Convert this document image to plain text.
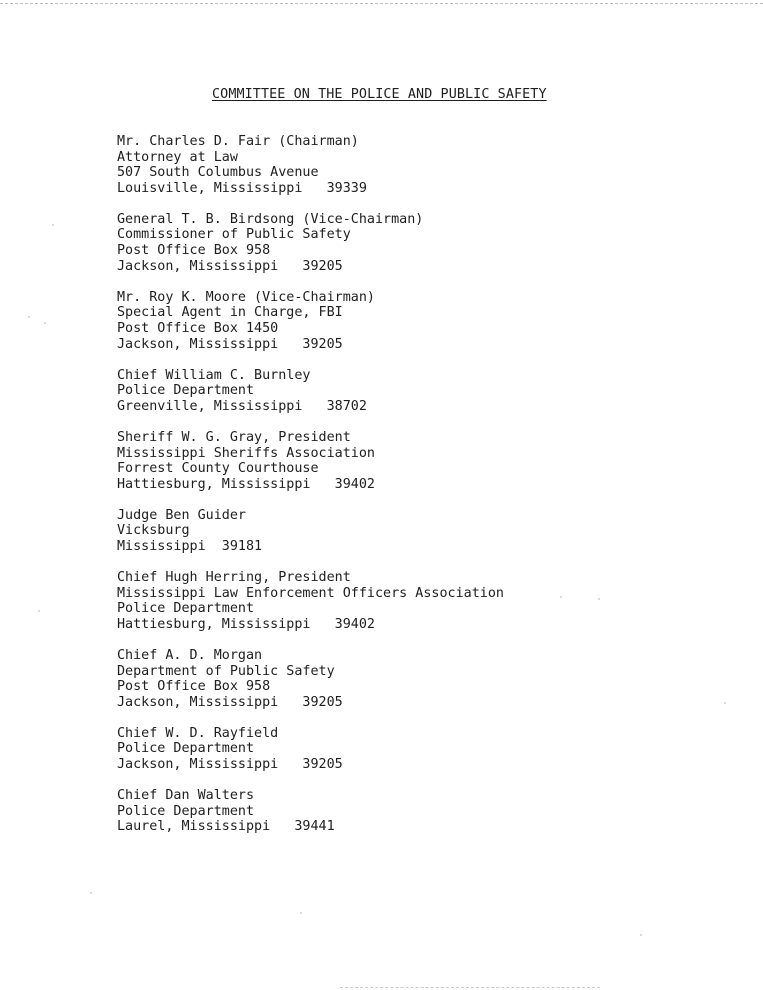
COMMITTEE ON THE POLICE AND PUBLIC SAFETY
Mr. Charles D. Fair (Chairman)
Attorney at Law
507 South Columbus Avenue
Louisville, Mississippi   39339
General T. B. Birdsong (Vice-Chairman)
Commissioner of Public Safety
Post Office Box 958
Jackson, Mississippi   39205
Mr. Roy K. Moore (Vice-Chairman)
Special Agent in Charge, FBI
Post Office Box 1450
Jackson, Mississippi   39205
Chief William C. Burnley
Police Department
Greenville, Mississippi   38702
Sheriff W. G. Gray, President
Mississippi Sheriffs Association
Forrest County Courthouse
Hattiesburg, Mississippi   39402
Judge Ben Guider
Vicksburg
Mississippi  39181
Chief Hugh Herring, President
Mississippi Law Enforcement Officers Association
Police Department
Hattiesburg, Mississippi   39402
Chief A. D. Morgan
Department of Public Safety
Post Office Box 958
Jackson, Mississippi   39205
Chief W. D. Rayfield
Police Department
Jackson, Mississippi   39205
Chief Dan Walters
Police Department
Laurel, Mississippi   39441
